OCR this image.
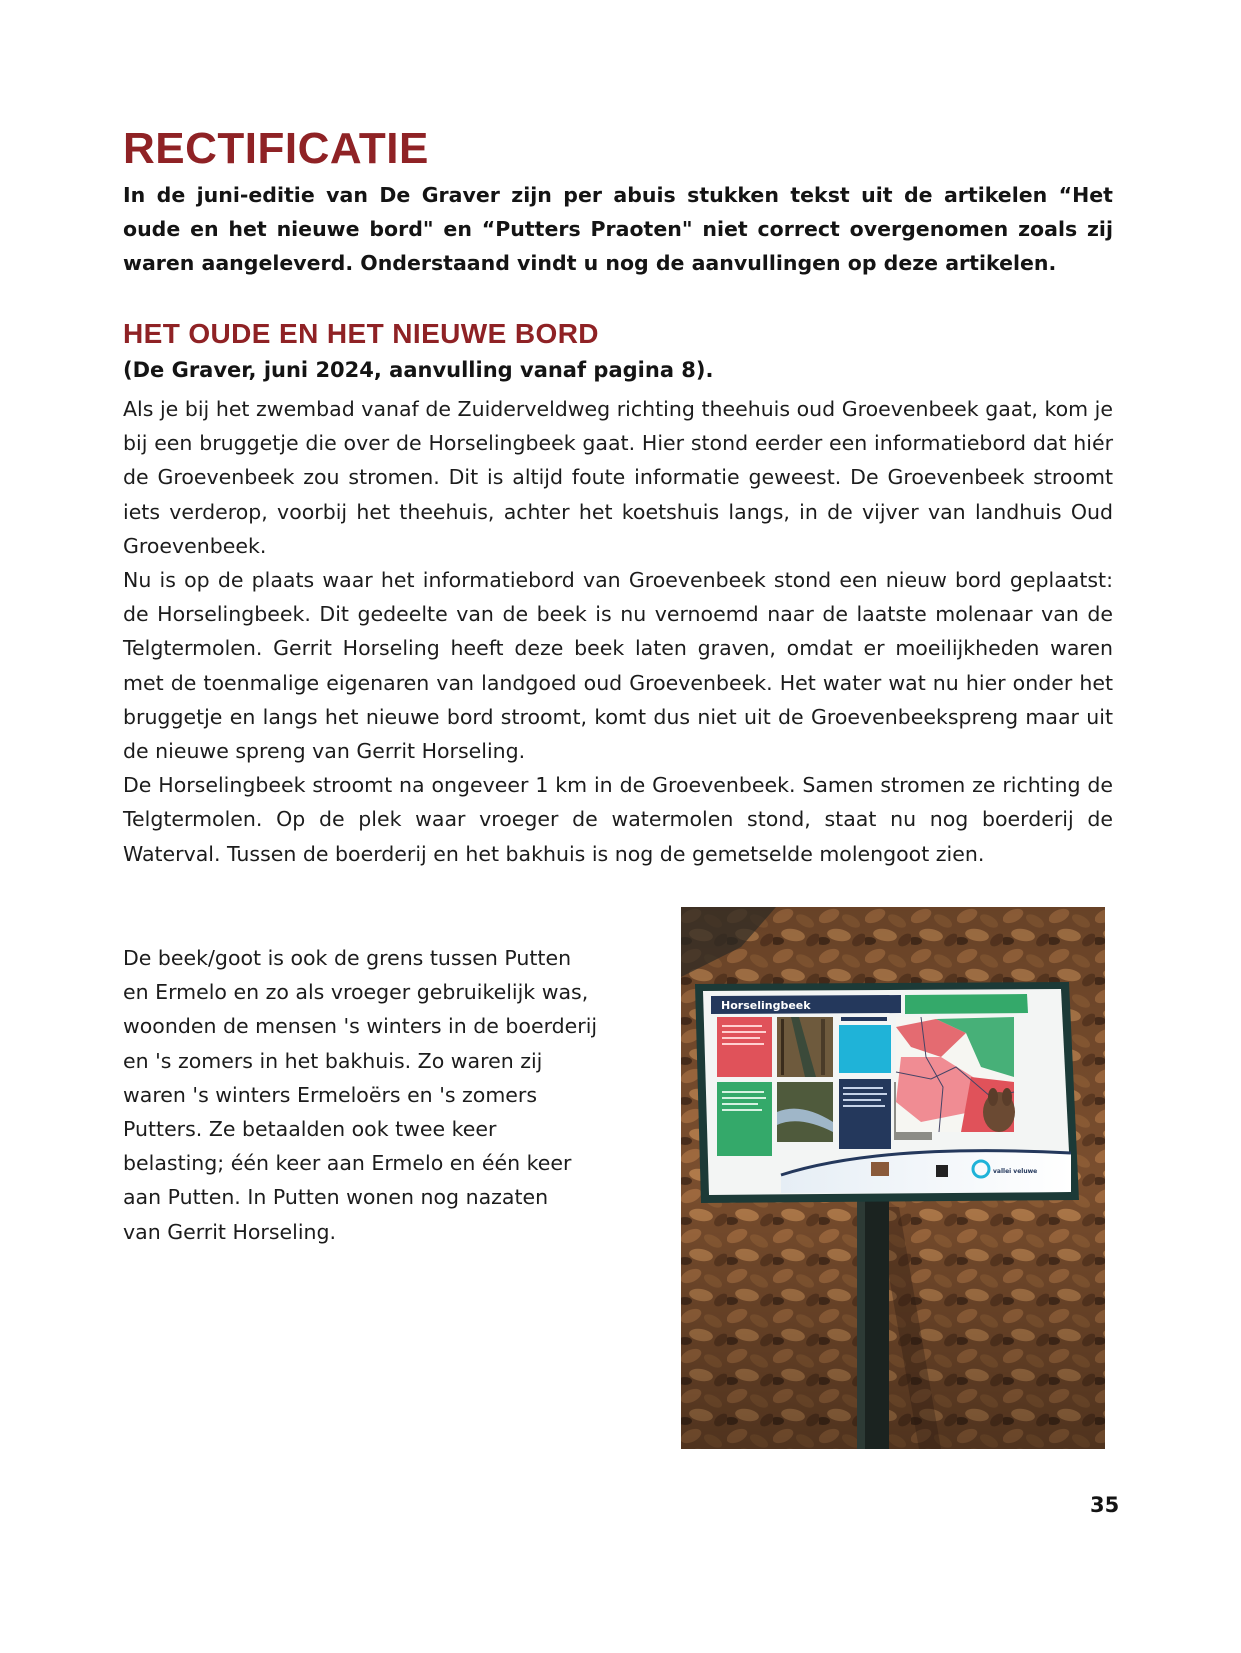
RECTIFICATIE

In de juni-editie van De Graver zijn per abuis stukken tekst uit de artikelen “Het oude en het nieuwe bord" en “Putters Praoten" niet correct overgenomen zoals zij waren aangeleverd. Onderstaand vindt u nog de aanvullingen op deze artikelen.

HET OUDE EN HET NIEUWE BORD
(De Graver, juni 2024, aanvulling vanaf pagina 8).

Als je bij het zwembad vanaf de Zuiderveldweg richting theehuis oud Groevenbeek gaat, kom je bij een bruggetje die over de Horselingbeek gaat. Hier stond eerder een informatiebord dat hiér de Groevenbeek zou stromen. Dit is altijd foute informatie geweest. De Groevenbeek stroomt iets verderop, voorbij het theehuis, achter het koetshuis langs, in de vijver van landhuis Oud Groevenbeek.

Nu is op de plaats waar het informatiebord van Groevenbeek stond een nieuw bord geplaatst: de Horselingbeek. Dit gedeelte van de beek is nu vernoemd naar de laatste molenaar van de Telgtermolen. Gerrit Horseling heeft deze beek laten graven, omdat er moeilijkheden waren met de toenmalige eigenaren van landgoed oud Groevenbeek. Het water wat nu hier onder het bruggetje en langs het nieuwe bord stroomt, komt dus niet uit de Groevenbeekspreng maar uit de nieuwe spreng van Gerrit Horseling.

De Horselingbeek stroomt na ongeveer 1 km in de Groevenbeek. Samen stromen ze richting de Telgtermolen. Op de plek waar vroeger de watermolen stond, staat nu nog boerderij de Waterval. Tussen de boerderij en het bakhuis is nog de gemetselde molengoot zien.

De beek/goot is ook de grens tussen Putten
en Ermelo en zo als vroeger gebruikelijk was,
woonden de mensen 's winters in de boerderij
en 's zomers in het bakhuis. Zo waren zij
waren 's winters Ermeloërs en 's zomers
Putters. Ze betaalden ook twee keer
belasting; één keer aan Ermelo en één keer
aan Putten. In Putten wonen nog nazaten
van Gerrit Horseling.
Horselingbeek
vallei veluwe
35
